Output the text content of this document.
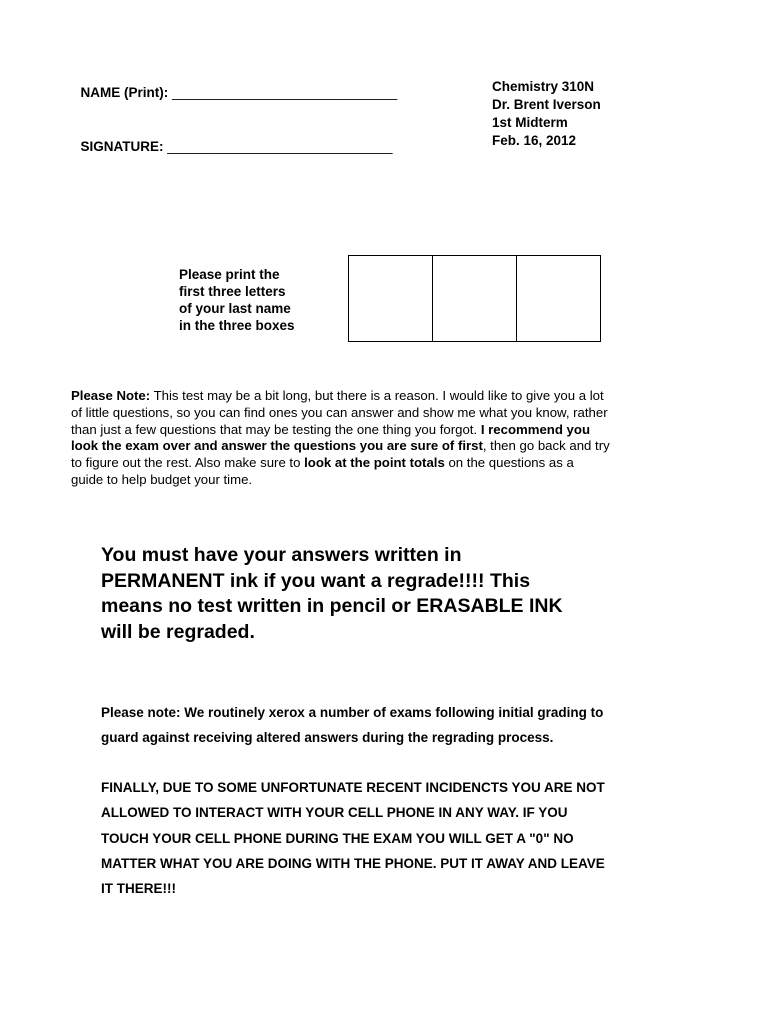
NAME (Print): ______________________________

SIGNATURE: ______________________________

Chemistry 310N
Dr. Brent Iverson
1st Midterm
Feb. 16, 2012
Please print the
first three letters
of your last name
in the three boxes
Please Note: This test may be a bit long, but there is a reason. I would like to give you a lot
of little questions, so you can find ones you can answer and show me what you know, rather
than just a few questions that may be testing the one thing you forgot. I recommend you
look the exam over and answer the questions you are sure of first, then go back and try
to figure out the rest. Also make sure to look at the point totals on the questions as a
guide to help budget your time.
You must have your answers written in
PERMANENT ink if you want a regrade!!!! This
means no test written in pencil or ERASABLE INK
will be regraded.
Please note: We routinely xerox a number of exams following initial grading to
guard against receiving altered answers during the regrading process.
FINALLY, DUE TO SOME UNFORTUNATE RECENT INCIDENCTS YOU ARE NOT
ALLOWED TO INTERACT WITH YOUR CELL PHONE IN ANY WAY. IF YOU
TOUCH YOUR CELL PHONE DURING THE EXAM YOU WILL GET A "0" NO
MATTER WHAT YOU ARE DOING WITH THE PHONE. PUT IT AWAY AND LEAVE
IT THERE!!!
